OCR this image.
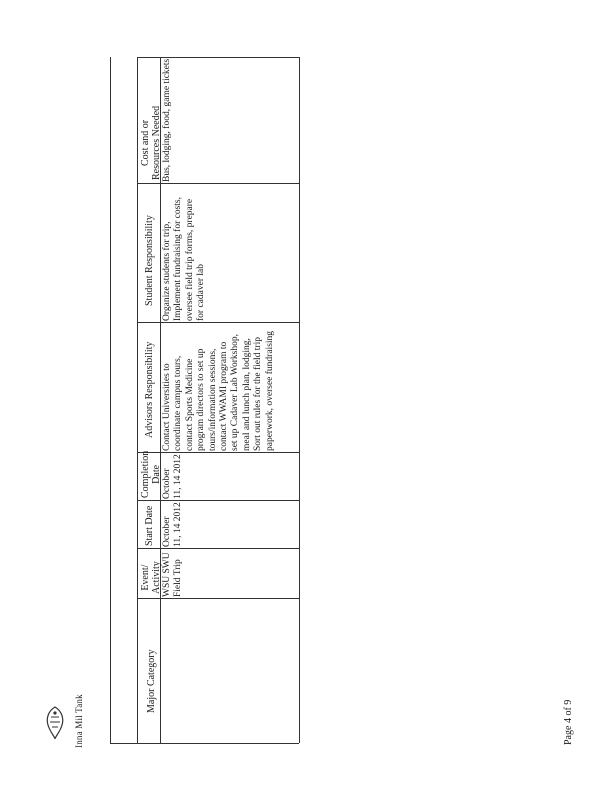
Inna Mil Tank
Major Category
Event/ Activity
Start Date
Completion Date
Advisors Responsibility
Student Responsibility
Cost and or Resources Needed
WSU SWU Field Trip
October 11, 14 2012
October 11, 14 2012
Contact Universities to coordinate campus tours, contact Sports Medicine program directors to set up tours/information sessions, contact WWAMI program to set up Cadaver Lab Workshop, meal and lunch plan, lodging, Sort out rules for the field trip paperwork, oversee fundraising
Organize students for trip, Implement fundraising for costs, oversee field trip forms, prepare for cadaver lab
Bus, lodging, food, game tickets
Page 4 of 9
